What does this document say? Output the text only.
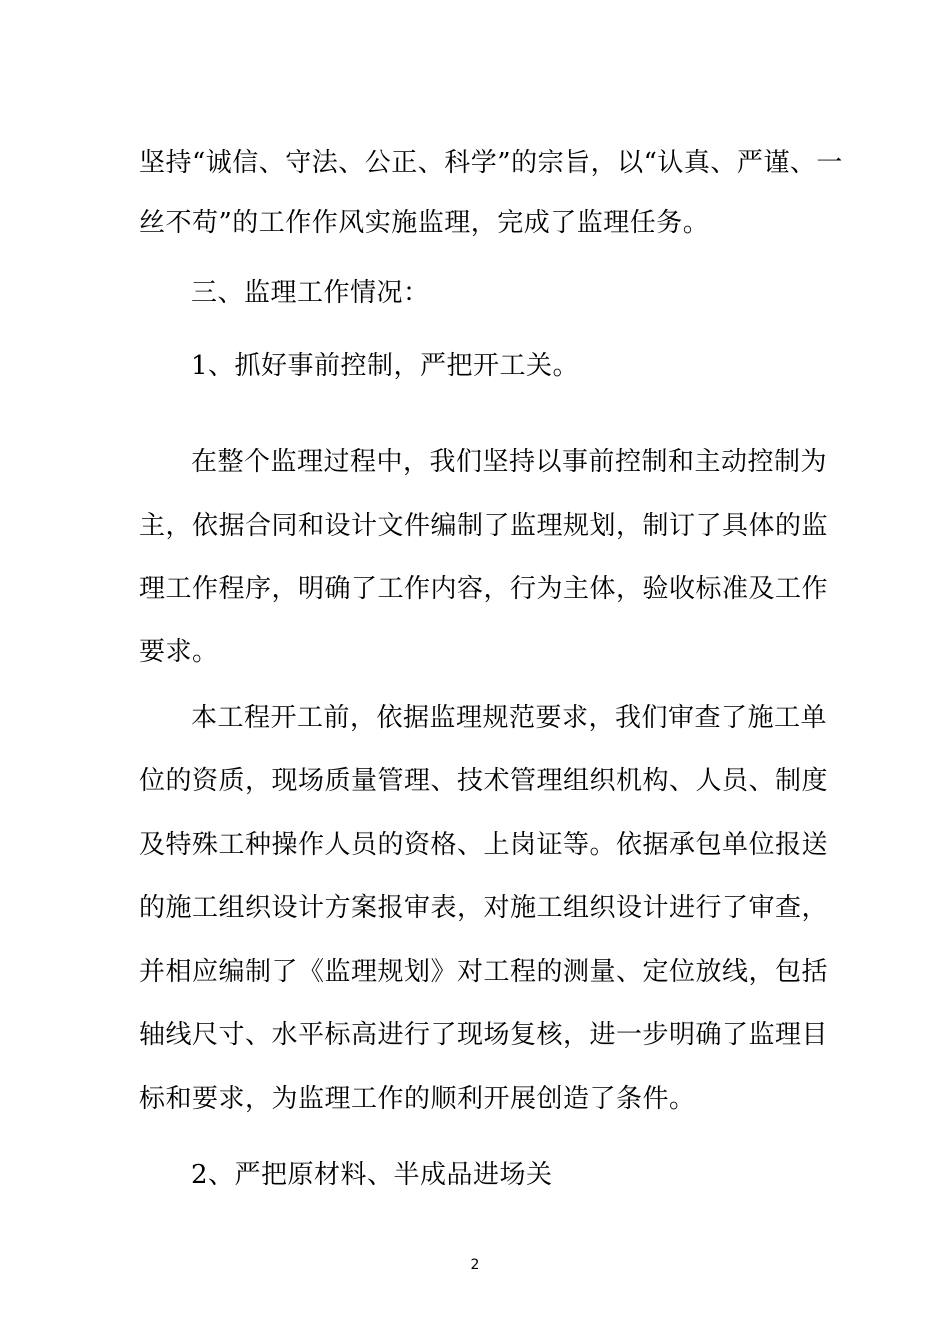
坚持“诚信、守法、公正、科学”的宗旨，以“认真、严谨、一
丝不苟”的工作作风实施监理，完成了监理任务。
三、监理工作情况：
1、抓好事前控制，严把开工关。
在整个监理过程中，我们坚持以事前控制和主动控制为
主，依据合同和设计文件编制了监理规划，制订了具体的监
理工作程序，明确了工作内容，行为主体，验收标准及工作
要求。
本工程开工前，依据监理规范要求，我们审查了施工单
位的资质，现场质量管理、技术管理组织机构、人员、制度
及特殊工种操作人员的资格、上岗证等。依据承包单位报送
的施工组织设计方案报审表，对施工组织设计进行了审查，
并相应编制了《监理规划》对工程的测量、定位放线，包括
轴线尺寸、水平标高进行了现场复核，进一步明确了监理目
标和要求，为监理工作的顺利开展创造了条件。
2、严把原材料、半成品进场关
2
